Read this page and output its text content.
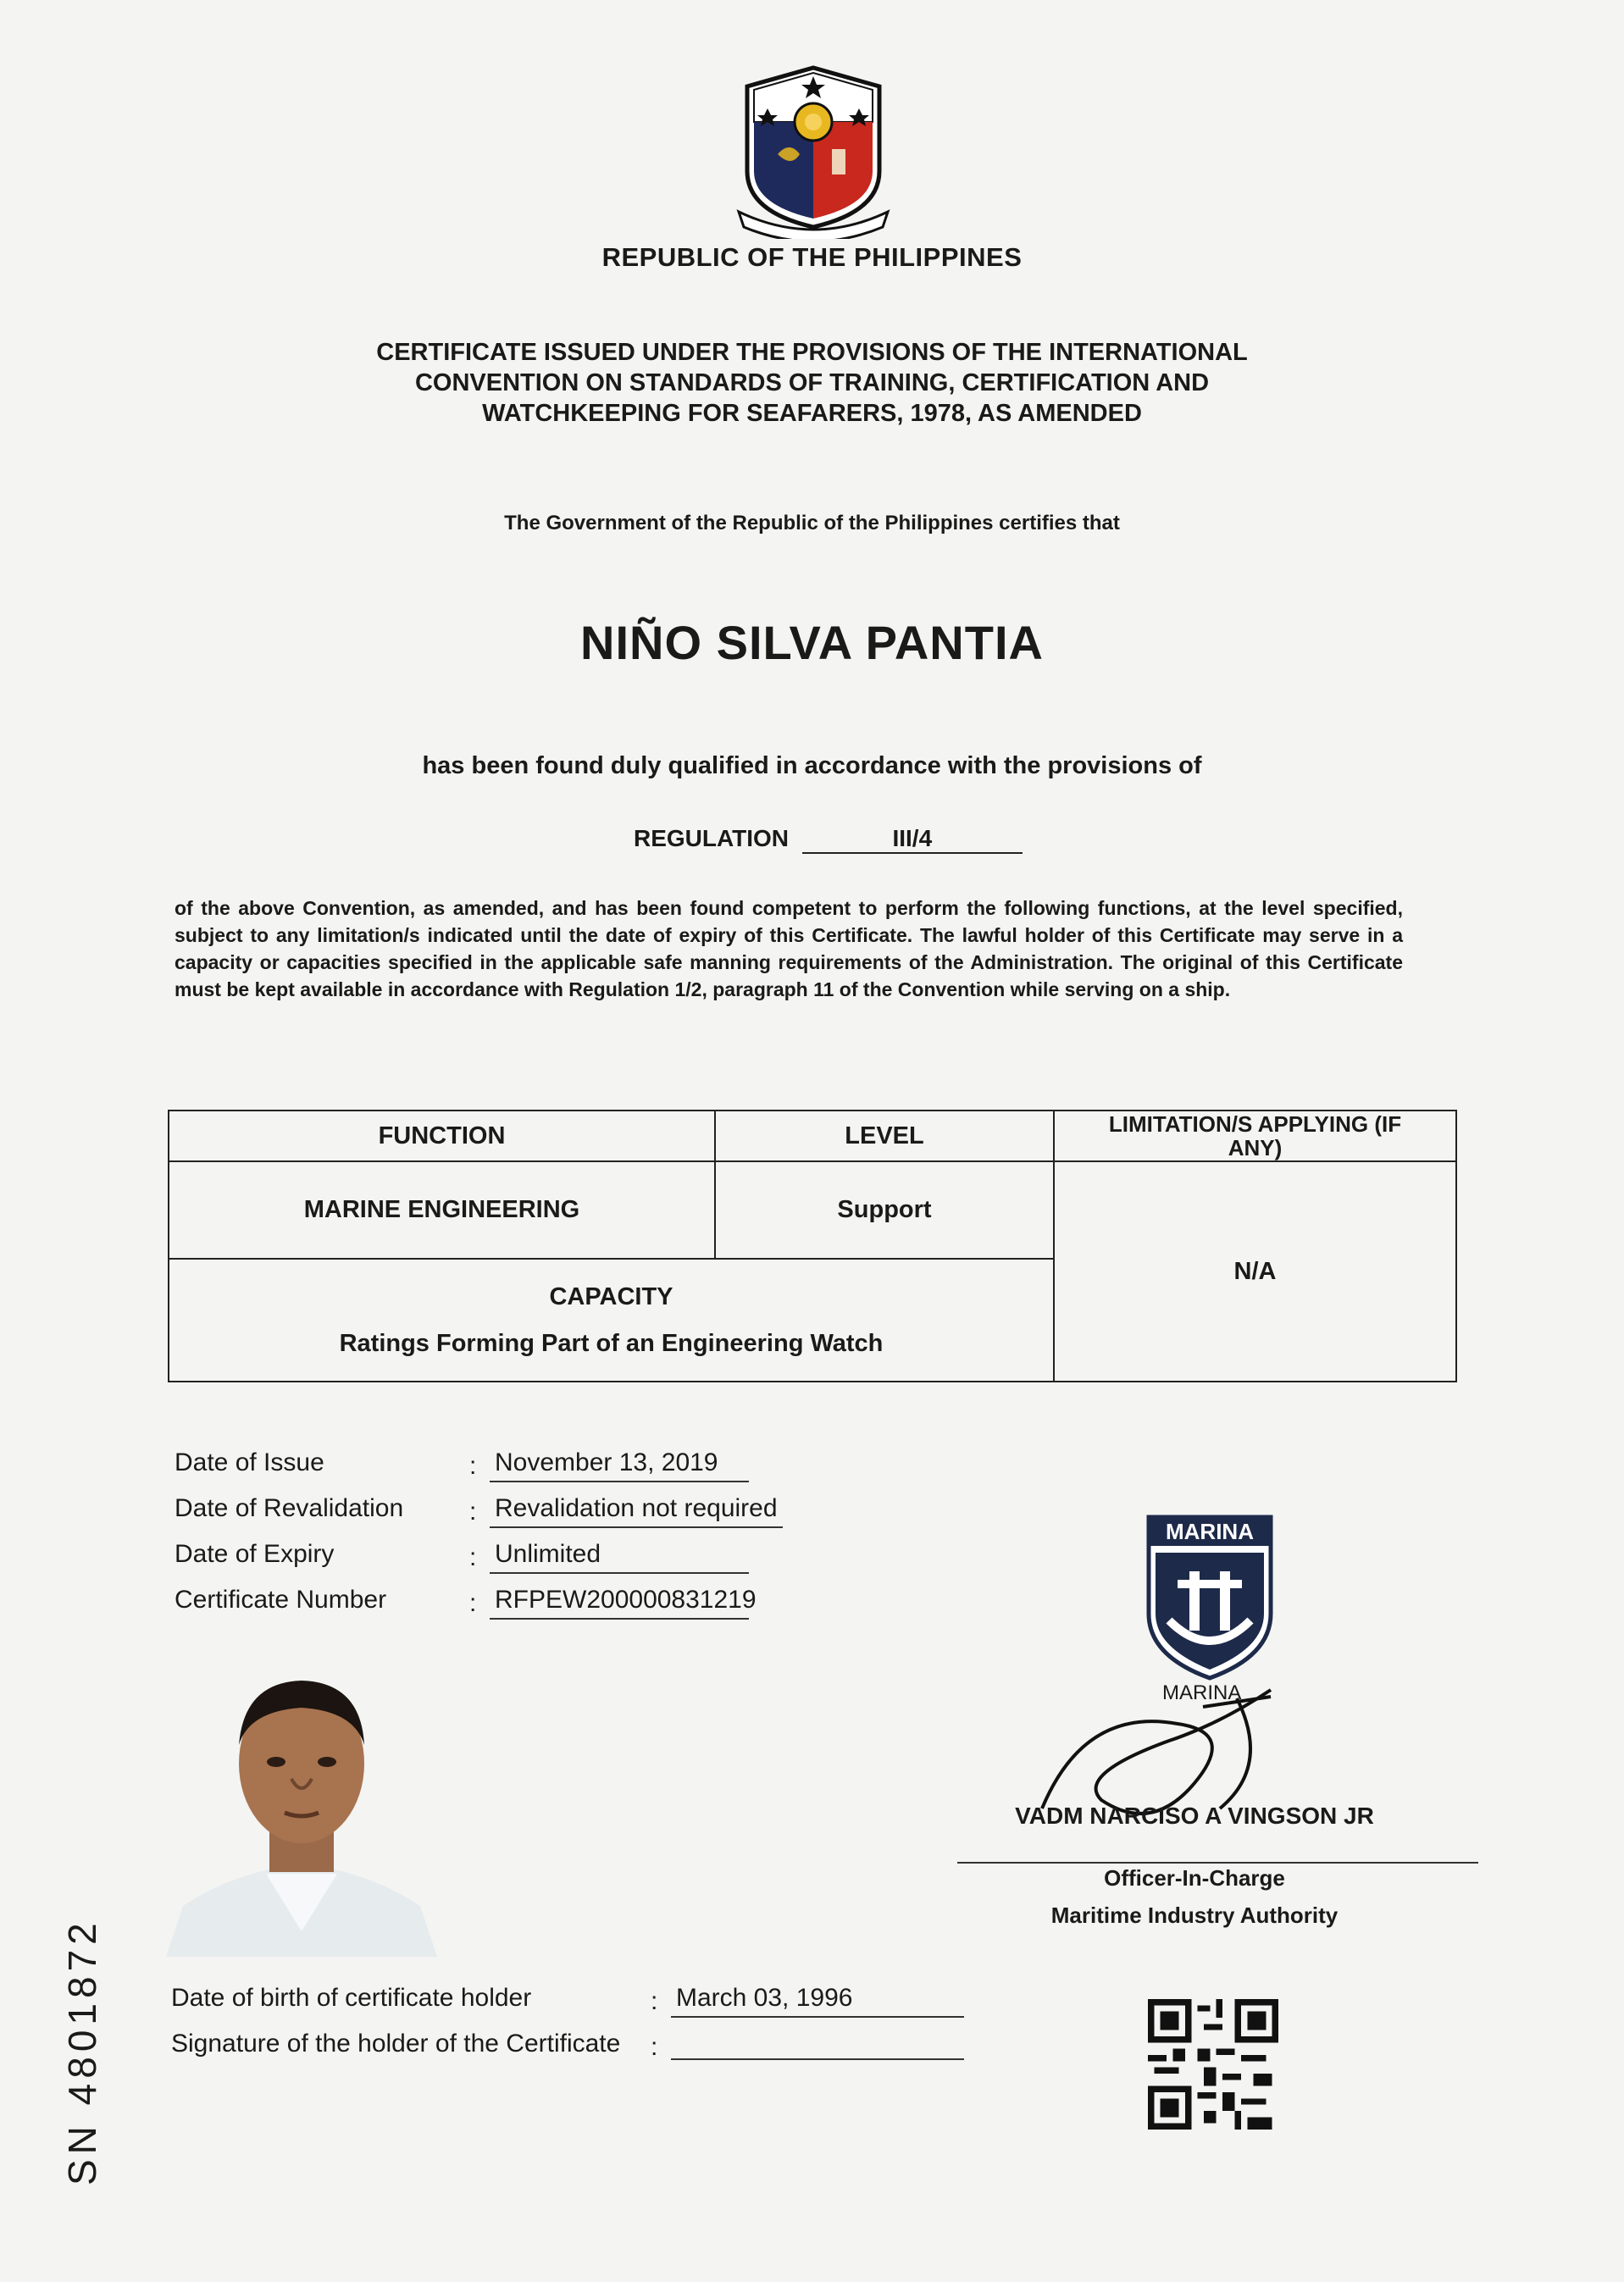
REPUBLIC OF THE PHILIPPINES
CERTIFICATE ISSUED UNDER THE PROVISIONS OF THE INTERNATIONAL
CONVENTION ON STANDARDS OF TRAINING, CERTIFICATION AND
WATCHKEEPING FOR SEAFARERS, 1978, AS AMENDED
The Government of the Republic of the Philippines certifies that
NIÑO SILVA PANTIA
has been found duly qualified in accordance with the provisions of
REGULATION	III/4
of the above Convention, as amended, and has been found competent to perform the following functions, at the level specified, subject to any limitation/s indicated until the date of expiry of this Certificate. The lawful holder of this Certificate may serve in a capacity or capacities specified in the applicable safe manning requirements of the Administration. The original of this Certificate must be kept available in accordance with Regulation 1/2, paragraph 11 of the Convention while serving on a ship.
FUNCTION	LEVEL	LIMITATION/S APPLYING (IF ANY)
MARINE ENGINEERING	Support	N/A

CAPACITY
Ratings Forming Part of an Engineering Watch		
Date of Issue	: November 13, 2019
Date of Revalidation	: Revalidation not required
Date of Expiry	: Unlimited
Certificate Number	: RFPEW200000831219
MARINA
MARINA
VADM NARCISO A VINGSON JR
Officer-In-Charge
Maritime Industry Authority
Date of birth of certificate holder	: March 03, 1996
Signature of the holder of the Certificate	:
SN 4801872
